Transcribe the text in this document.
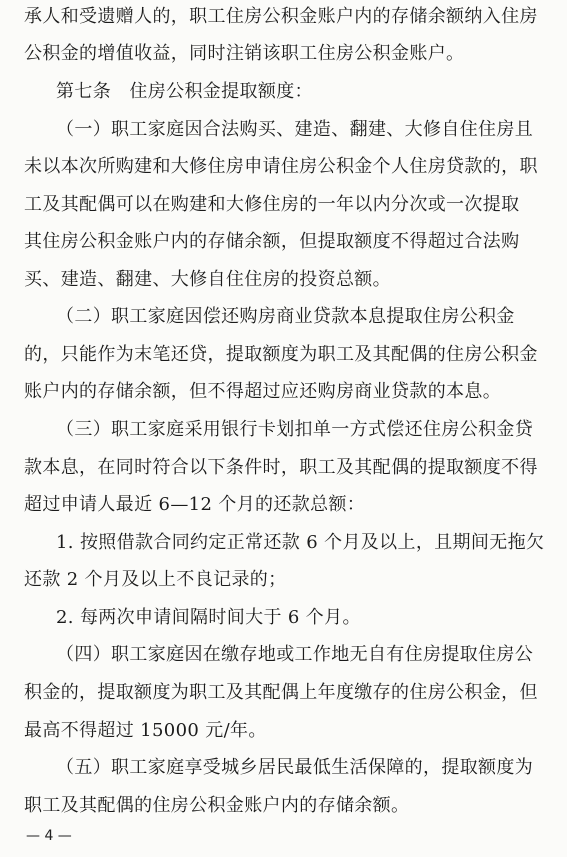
承人和受遗赠人的，职工住房公积金账户内的存储余额纳入住房
公积金的增值收益，同时注销该职工住房公积金账户。
第七条　住房公积金提取额度：
（一）职工家庭因合法购买、建造、翻建、大修自住住房且
未以本次所购建和大修住房申请住房公积金个人住房贷款的，职
工及其配偶可以在购建和大修住房的一年以内分次或一次提取
其住房公积金账户内的存储余额，但提取额度不得超过合法购
买、建造、翻建、大修自住住房的投资总额。
（二）职工家庭因偿还购房商业贷款本息提取住房公积金
的，只能作为末笔还贷，提取额度为职工及其配偶的住房公积金
账户内的存储余额，但不得超过应还购房商业贷款的本息。
（三）职工家庭采用银行卡划扣单一方式偿还住房公积金贷
款本息，在同时符合以下条件时，职工及其配偶的提取额度不得
超过申请人最近 6—12 个月的还款总额：
1. 按照借款合同约定正常还款 6 个月及以上，且期间无拖欠
还款 2 个月及以上不良记录的；
2. 每两次申请间隔时间大于 6 个月。
（四）职工家庭因在缴存地或工作地无自有住房提取住房公
积金的，提取额度为职工及其配偶上年度缴存的住房公积金，但
最高不得超过 15000 元/年。
（五）职工家庭享受城乡居民最低生活保障的，提取额度为
职工及其配偶的住房公积金账户内的存储余额。
— 4 —
